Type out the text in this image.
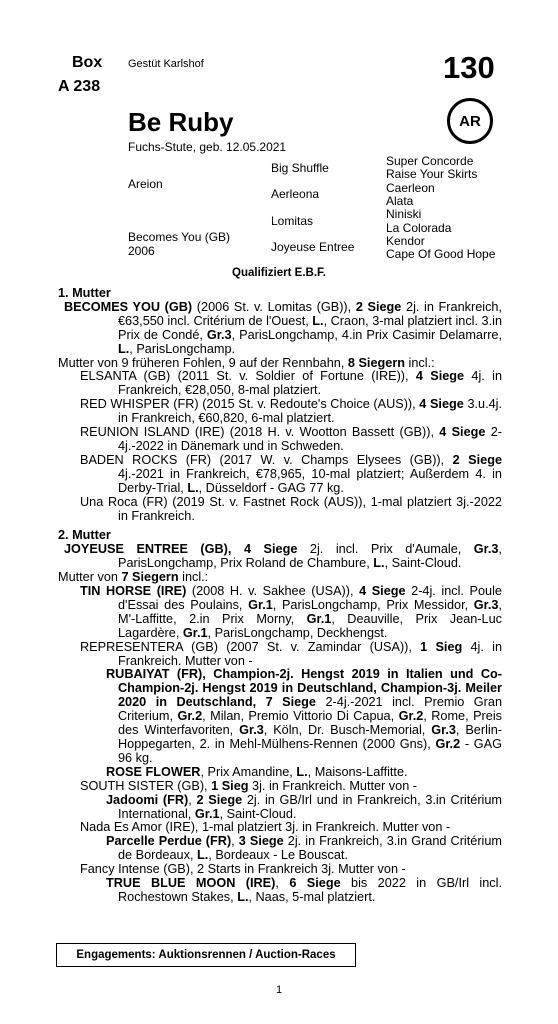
Box
A 238
Gestüt Karlshof	130
Be Ruby	AR
Fuchs-Stute, geb. 12.05.2021
Areion
Becomes You (GB)
2006
Big Shuffle
Aerleona
Lomitas
Joyeuse Entree
Super Concorde
Raise Your Skirts
Caerleon
Alata
Niniski
La Colorada
Kendor
Cape Of Good Hope
Qualifiziert E.B.F.
1. Mutter
BECOMES YOU (GB) (2006 St. v. Lomitas (GB)), 2 Siege 2j. in Frankreich, €63,550 incl. Critérium de l'Ouest, L., Craon, 3-mal platziert incl. 3.in Prix de Condé, Gr.3, ParisLongchamp, 4.in Prix Casimir Delamarre, L., ParisLongchamp.
Mutter von 9 früheren Fohlen, 9 auf der Rennbahn, 8 Siegern incl.:
ELSANTA (GB) (2011 St. v. Soldier of Fortune (IRE)), 4 Siege 4j. in Frankreich, €28,050, 8-mal platziert.
RED WHISPER (FR) (2015 St. v. Redoute's Choice (AUS)), 4 Siege 3.u.4j. in Frankreich, €60,820, 6-mal platziert.
REUNION ISLAND (IRE) (2018 H. v. Wootton Bassett (GB)), 4 Siege 2-4j.-2022 in Dänemark und in Schweden.
BADEN ROCKS (FR) (2017 W. v. Champs Elysees (GB)), 2 Siege 4j.-2021 in Frankreich, €78,965, 10-mal platziert; Außerdem 4. in Derby-Trial, L., Düsseldorf - GAG 77 kg.
Una Roca (FR) (2019 St. v. Fastnet Rock (AUS)), 1-mal platziert 3j.-2022 in Frankreich.
2. Mutter
JOYEUSE ENTREE (GB), 4 Siege 2j. incl. Prix d'Aumale, Gr.3, ParisLongchamp, Prix Roland de Chambure, L., Saint-Cloud.
Mutter von 7 Siegern incl.:
TIN HORSE (IRE) (2008 H. v. Sakhee (USA)), 4 Siege 2-4j. incl. Poule d'Essai des Poulains, Gr.1, ParisLongchamp, Prix Messidor, Gr.3, M'-Laffitte, 2.in Prix Morny, Gr.1, Deauville, Prix Jean-Luc Lagardère, Gr.1, ParisLongchamp, Deckhengst.
REPRESENTERA (GB) (2007 St. v. Zamindar (USA)), 1 Sieg 4j. in Frankreich. Mutter von -
RUBAIYAT (FR), Champion-2j. Hengst 2019 in Italien und Co-Champion-2j. Hengst 2019 in Deutschland, Champion-3j. Meiler 2020 in Deutschland, 7 Siege 2-4j.-2021 incl. Premio Gran Criterium, Gr.2, Milan, Premio Vittorio Di Capua, Gr.2, Rome, Preis des Winterfavoriten, Gr.3, Köln, Dr. Busch-Memorial, Gr.3, Berlin-Hoppegarten, 2. in Mehl-Mülhens-Rennen (2000 Gns), Gr.2 - GAG 96 kg.
ROSE FLOWER, Prix Amandine, L., Maisons-Laffitte.
SOUTH SISTER (GB), 1 Sieg 3j. in Frankreich. Mutter von -
Jadoomi (FR), 2 Siege 2j. in GB/Irl und in Frankreich, 3.in Critérium International, Gr.1, Saint-Cloud.
Nada Es Amor (IRE), 1-mal platziert 3j. in Frankreich. Mutter von -
Parcelle Perdue (FR), 3 Siege 2j. in Frankreich, 3.in Grand Critérium de Bordeaux, L., Bordeaux - Le Bouscat.
Fancy Intense (GB), 2 Starts in Frankreich 3j. Mutter von -
TRUE BLUE MOON (IRE), 6 Siege bis 2022 in GB/Irl incl. Rochestown Stakes, L., Naas, 5-mal platziert.
Engagements: Auktionsrennen / Auction-Races
1
